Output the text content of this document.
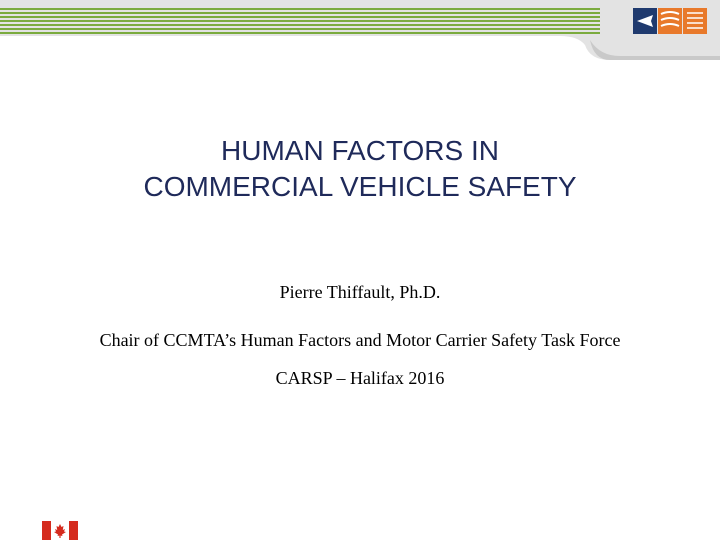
HUMAN FACTORS IN
COMMERCIAL VEHICLE SAFETY
Pierre Thiffault, Ph.D.
Chair of CCMTA’s Human Factors and Motor Carrier Safety Task Force
CARSP – Halifax 2016
